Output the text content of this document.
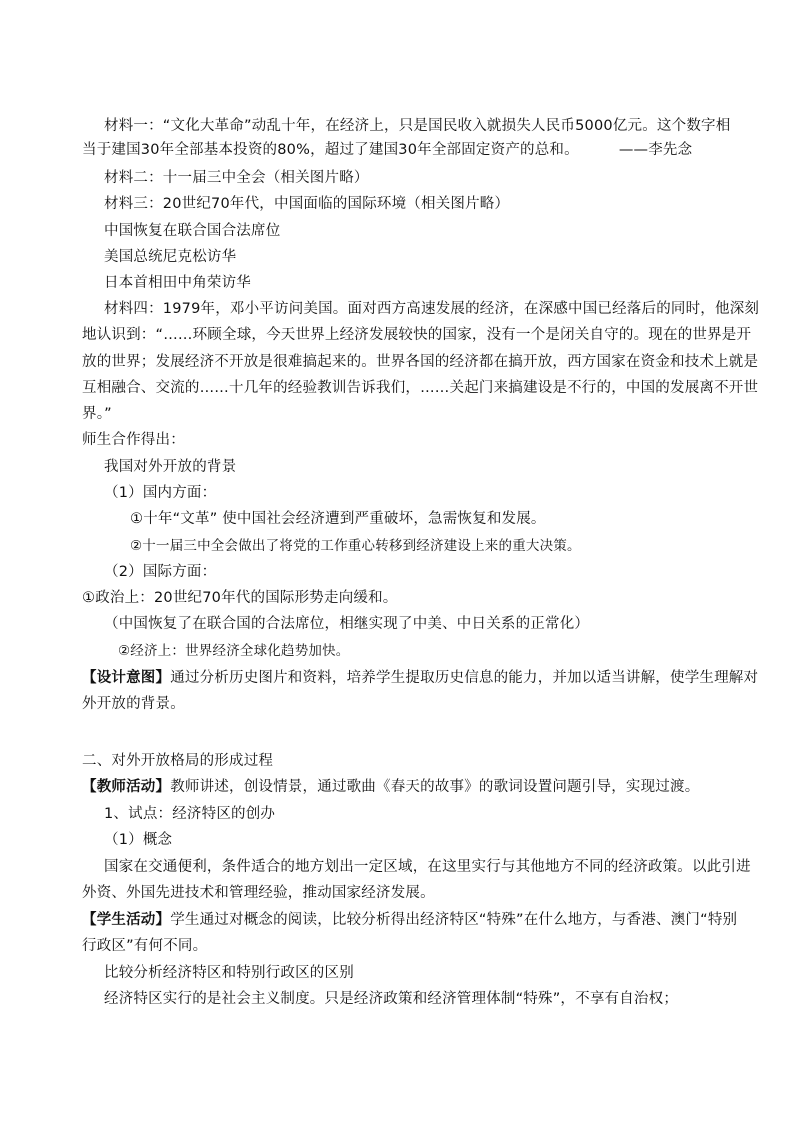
材料一：“文化大革命”动乱十年，在经济上，只是国民收入就损失人民币5000亿元。这个数字相
当于建国30年全部基本投资的80%，超过了建国30年全部固定资产的总和。	——李先念
材料二：十一届三中全会（相关图片略）
材料三：20世纪70年代，中国面临的国际环境（相关图片略）
中国恢复在联合国合法席位
美国总统尼克松访华
日本首相田中角荣访华
材料四：1979年，邓小平访问美国。面对西方高速发展的经济，在深感中国已经落后的同时，他深刻
地认识到：“……环顾全球，今天世界上经济发展较快的国家，没有一个是闭关自守的。现在的世界是开
放的世界；发展经济不开放是很难搞起来的。世界各国的经济都在搞开放，西方国家在资金和技术上就是
互相融合、交流的……十几年的经验教训告诉我们，……关起门来搞建设是不行的，中国的发展离不开世
界。”
师生合作得出：
我国对外开放的背景
（1）国内方面：
①十年“文革” 使中国社会经济遭到严重破坏，急需恢复和发展。
②十一届三中全会做出了将党的工作重心转移到经济建设上来的重大决策。
（2）国际方面：
①政治上：20世纪70年代的国际形势走向缓和。
（中国恢复了在联合国的合法席位，相继实现了中美、中日关系的正常化）
②经济上：世界经济全球化趋势加快。
【设计意图】通过分析历史图片和资料，培养学生提取历史信息的能力，并加以适当讲解，使学生理解对
外开放的背景。
二、对外开放格局的形成过程
【教师活动】教师讲述，创设情景，通过歌曲《春天的故事》的歌词设置问题引导，实现过渡。
1、试点：经济特区的创办
（1）概念
国家在交通便利，条件适合的地方划出一定区域，在这里实行与其他地方不同的经济政策。以此引进
外资、外国先进技术和管理经验，推动国家经济发展。
【学生活动】学生通过对概念的阅读，比较分析得出经济特区“特殊”在什么地方，与香港、澳门“特别
行政区”有何不同。
比较分析经济特区和特别行政区的区别
经济特区实行的是社会主义制度。只是经济政策和经济管理体制“特殊”，不享有自治权；
